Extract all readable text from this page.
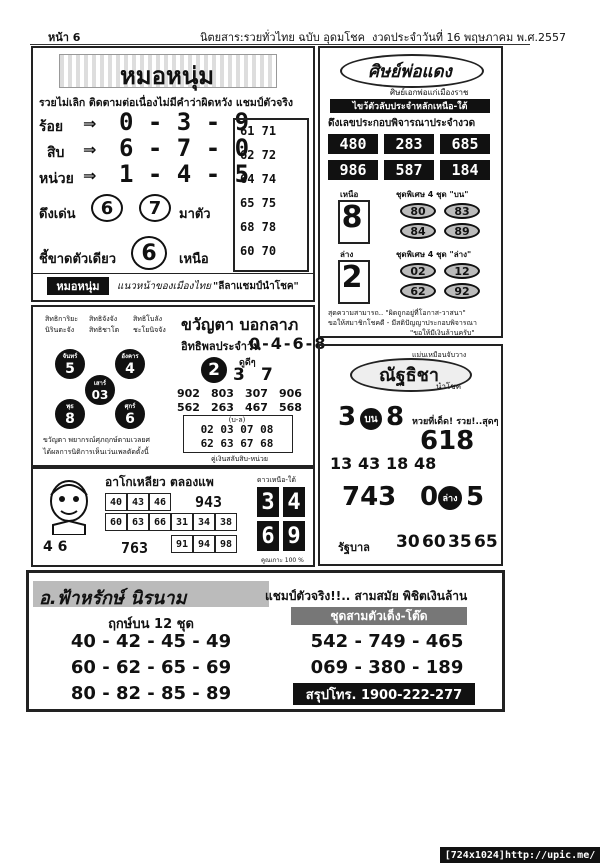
หน้า 6	นิตยสาร:รวยทั่วไทย ฉบับ อุดมโชค งวดประจำวันที่ 16 พฤษภาคม พ.ศ.2557
หมอหนุ่ม
รวยไม่เลิก ติดตามต่อเนื่องไม่มีคำว่าผิดหวัง แชมป์ตัวจริง
ร้อย ⇒ 0 - 3 - 9
สิบ ⇒ 6 - 7 - 0
หน่วย ⇒ 1 - 4 - 5
61 71
62 72
64 74
65 75
68 78
60 70
ดึงเด่น	6	7	มาตัว
ชี้ขาดตัวเดียว	6	เหนือ
หมอหนุ่ม	แนวหน้าของเมืองไทย "ลีลาแชมป์นำโชค"
ศิษย์พ่อแดง
ศิษย์เอกพ่อแก่เมืองราช
ไขว้ตัวลับประจำหลักเหนือ-ใต้
ดึงเลขประกอบพิจารณาประจำงวด
480	283	685
986	587	184
เหนือ	ชุดพิเศษ 4 ชุด "บน"
8	80	83
84	89
ล่าง	ชุดพิเศษ 4 ชุด "ล่าง"
2	02	12
62	92
สุดความสามารถ.. "ผิดถูกอยู่ที่โอกาส-วาสนา"
ขอให้สมาชิกโชคดี - มีสติปัญญาประกอบพิจารณา
"ขอให้มีเงินล้านครับ"
สิทธิการิยะ สิทธิจังจัง สิทธิโบลัง
นิรินตะจัง สิทธิชาโต ชะโยนิจจัง ขวัญตา บอกลาภ
อิทธิพลประจำวัน
0-4-6-8
จันทร์
5
อังคาร
4
เสาร์
03
พุธ
8
ศุกร์
6
ขวัญตา พยากรณ์ศุภฤกษ์ตามเวลยศ
ได้ผลการนิติการเห็นเว่นเพลตัดตั้งนี้
2	ดูดีๆ
3 7
902 803 307 906
562 263 467 568
(บ-ล)
02 03 07 08
62 63 67 68
คู่เงินสลับสิบ-หน่วย
4 6
อาโกเหลียว ตลองแพ
40 43 46	943
60 63 66 31 34 38
763	91 94 98
ดาวเหนือ-ใต้
3 4
6 9
คูณเกาะ 100 %
แม่นเหมือนจับวาง
ณัฐธิชา
นำโชค
3 บน 8 หวยที่เด็ด! รวย!..สุดๆ
618
13 43 18 48
743 0 ล่าง 5
รัฐบาล 30 60 35 65
อ.ฟ้าหรักษ์ นิรนาม
ฤกษ์บน 12 ชุด
40 - 42 - 45 - 49
60 - 62 - 65 - 69
80 - 82 - 85 - 89
แชมป์ตัวจริง!!.. สามสมัย พิชิตเงินล้าน
ชุดสามตัวเด็ง-โต๊ด
542 - 749 - 465
069 - 380 - 189
สรุปโทร. 1900-222-277
[724x1024]http://upic.me/
